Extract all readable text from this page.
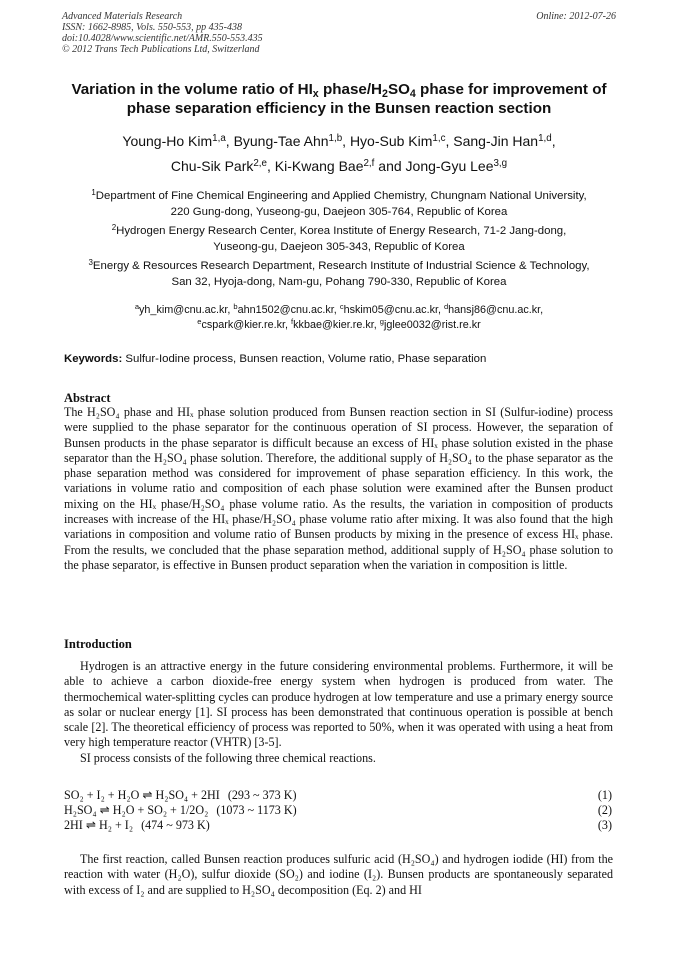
Advanced Materials Research
ISSN: 1662-8985, Vols. 550-553, pp 435-438
doi:10.4028/www.scientific.net/AMR.550-553.435
© 2012 Trans Tech Publications Ltd, Switzerland
Online: 2012-07-26
Variation in the volume ratio of $HI_x$ phase/$H_2SO_4$ phase for improvement of phase separation efficiency in the Bunsen reaction section
Young-Ho Kim$^{1,a}$, Byung-Tae Ahn$^{1,b}$, Hyo-Sub Kim$^{1,c}$, Sang-Jin Han$^{1,d}$,
Chu-Sik Park$^{2,e}$, Ki-Kwang Bae$^{2,f}$ and Jong-Gyu Lee$^{3,g}$
$^1$Department of Fine Chemical Engineering and Applied Chemistry, Chungnam National University,
220 Gung-dong, Yuseong-gu, Daejeon 305-764, Republic of Korea
$^2$Hydrogen Energy Research Center, Korea Institute of Energy Research, 71-2 Jang-dong,
Yuseong-gu, Daejeon 305-343, Republic of Korea
$^3$Energy & Resources Research Department, Research Institute of Industrial Science & Technology,
San 32, Hyoja-dong, Nam-gu, Pohang 790-330, Republic of Korea
$^a$yh_kim@cnu.ac.kr, $^b$ahn1502@cnu.ac.kr, $^c$hskim05@cnu.ac.kr, $^d$hansj86@cnu.ac.kr,
$^e$cspark@kier.re.kr, $^f$kkbae@kier.re.kr, $^g$jglee0032@rist.re.kr
Keywords: Sulfur-Iodine process, Bunsen reaction, Volume ratio, Phase separation
Abstract

The H₂SO₄ phase and HIₓ phase solution produced from Bunsen reaction section in SI (Sulfur-iodine) process were supplied to the phase separator for the continuous operation of SI process. However, the separation of Bunsen products in the phase separator is difficult because an excess of HIₓ phase solution existed in the phase separator than the H₂SO₄ phase solution. Therefore, the additional supply of H₂SO₄ to the phase separator as the phase separation method was considered for improvement of phase separation efficiency. In this work, the variations in volume ratio and composition of each phase solution were examined after the Bunsen product mixing on the HIₓ phase/H₂SO₄ phase volume ratio. As the results, the variation in composition of products increases with increase of the HIₓ phase/H₂SO₄ phase volume ratio after mixing. It was also found that the high variations in composition and volume ratio of Bunsen products by mixing in the presence of excess HIₓ phase. From the results, we concluded that the phase separation method, additional supply of H₂SO₄ phase solution to the phase separator, is effective in Bunsen product separation when the variation in composition is little.

Introduction

Hydrogen is an attractive energy in the future considering environmental problems. Furthermore, it will be able to achieve a carbon dioxide-free energy system when hydrogen is produced from water. The thermochemical water-splitting cycles can produce hydrogen at low temperature and use a primary energy source as solar or nuclear energy [1]. SI process has been demonstrated that continuous operation is possible at bench scale [2]. The theoretical efficiency of process was reported to 50%, when it was operated with using a heat from very high temperature reactor (VHTR) [3-5].

SI process consists of the following three chemical reactions.

SO₂ + I₂ + H₂O ⇌ H₂SO₄ + 2HI (293 ~ 373 K)	(1)
H₂SO₄ ⇌ H₂O + SO₂ + 1/2O₂ (1073 ~ 1173 K)	(2)
2HI ⇌ H₂ + I₂ (474 ~ 973 K)	(3)

The first reaction, called Bunsen reaction produces sulfuric acid (H₂SO₄) and hydrogen iodide (HI) from the reaction with water (H₂O), sulfur dioxide (SO₂) and iodine (I₂). Bunsen products are spontaneously separated with excess of I₂ and are supplied to H₂SO₄ decomposition (Eq. 2) and HI
